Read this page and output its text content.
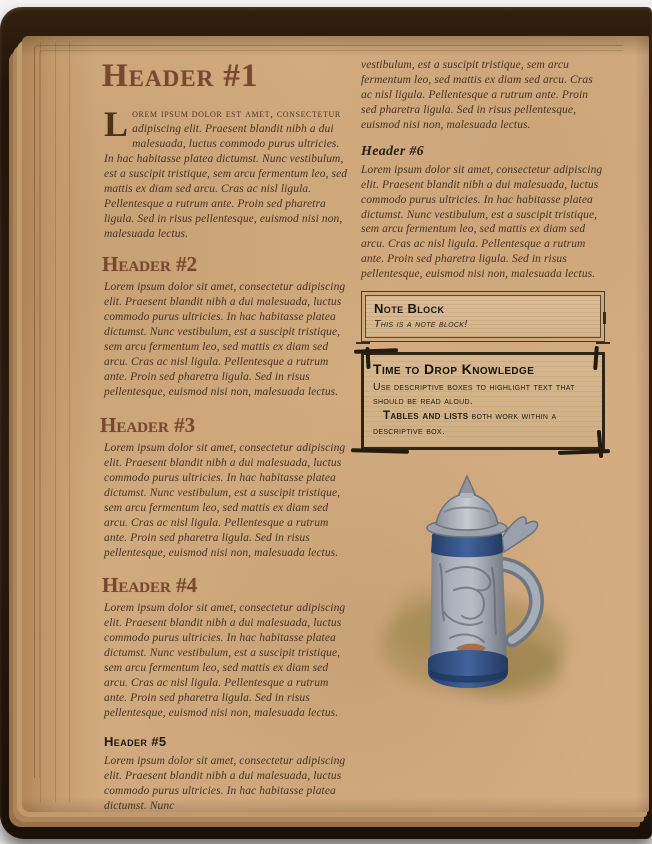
Header #1

Lorem ipsum dolor est amet, consectetur adipiscing elit. Praesent blandit nibh a dui malesuada, luctus commodo purus ultricies. In hac habitasse platea dictumst. Nunc vestibulum, est a suscipit tristique, sem arcu fermentum leo, sed mattis ex diam sed arcu. Cras ac nisl ligula. Pellentesque a rutrum ante. Proin sed pharetra ligula. Sed in risus pellentesque, euismod nisi non, malesuada lectus.

Header #2

Lorem ipsum dolor sit amet, consectetur adipiscing elit. Praesent blandit nibh a dui malesuada, luctus commodo purus ultricies. In hac habitasse platea dictumst. Nunc vestibulum, est a suscipit tristique, sem arcu fermentum leo, sed mattis ex diam sed arcu. Cras ac nisl ligula. Pellentesque a rutrum ante. Proin sed pharetra ligula. Sed in risus pellentesque, euismod nisi non, malesuada lectus.

Header #3

Lorem ipsum dolor sit amet, consectetur adipiscing elit. Praesent blandit nibh a dui malesuada, luctus commodo purus ultricies. In hac habitasse platea dictumst. Nunc vestibulum, est a suscipit tristique, sem arcu fermentum leo, sed mattis ex diam sed arcu. Cras ac nisl ligula. Pellentesque a rutrum ante. Proin sed pharetra ligula. Sed in risus pellentesque, euismod nisi non, malesuada lectus.

Header #4

Lorem ipsum dolor sit amet, consectetur adipiscing elit. Praesent blandit nibh a dui malesuada, luctus commodo purus ultricies. In hac habitasse platea dictumst. Nunc vestibulum, est a suscipit tristique, sem arcu fermentum leo, sed mattis ex diam sed arcu. Cras ac nisl ligula. Pellentesque a rutrum ante. Proin sed pharetra ligula. Sed in risus pellentesque, euismod nisi non, malesuada lectus.

Header #5

Lorem ipsum dolor sit amet, consectetur adipiscing elit. Praesent blandit nibh a dui malesuada, luctus commodo purus ultricies. In hac habitasse platea dictumst. Nunc

vestibulum, est a suscipit tristique, sem arcu fermentum leo, sed mattis ex diam sed arcu. Cras ac nisl ligula. Pellentesque a rutrum ante. Proin sed pharetra ligula. Sed in risus pellentesque, euismod nisi non, malesuada lectus.

Header #6

Lorem ipsum dolor sit amet, consectetur adipiscing elit. Praesent blandit nibh a dui malesuada, luctus commodo purus ultricies. In hac habitasse platea dictumst. Nunc vestibulum, est a suscipit tristique, sem arcu fermentum leo, sed mattis ex diam sed arcu. Cras ac nisl ligula. Pellentesque a rutrum ante. Proin sed pharetra ligula. Sed in risus pellentesque, euismod nisi non, malesuada lectus.

Note Block

This is a note block!

Time to Drop Knowledge

Use descriptive boxes to highlight text that should be read aloud.

Tables and lists both work within a descriptive box.
